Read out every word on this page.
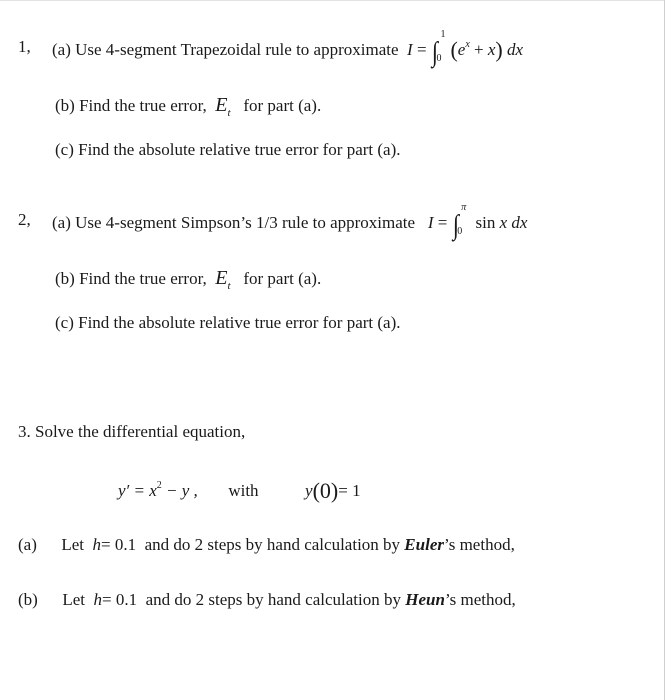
1, (a) Use 4-segment Trapezoidal rule to approximate I = ∫
1
0 $(e^x + x)$ dx
(b) Find the true error, $E_t$ for part (a).
(c) Find the absolute relative true error for part (a).
2, (a) Use 4-segment Simpson’s 1/3 rule to approximate I = ∫
π
0 sin x dx
(b) Find the true error, $E_t$ for part (a).
(c) Find the absolute relative true error for part (a).
3. Solve the differential equation,
$y' = x^2 - y$ , with	y(0)= 1
(a) Let h= 0.1 and do 2 steps by hand calculation by Euler’s method,
(b) Let h= 0.1 and do 2 steps by hand calculation by Heun’s method,
